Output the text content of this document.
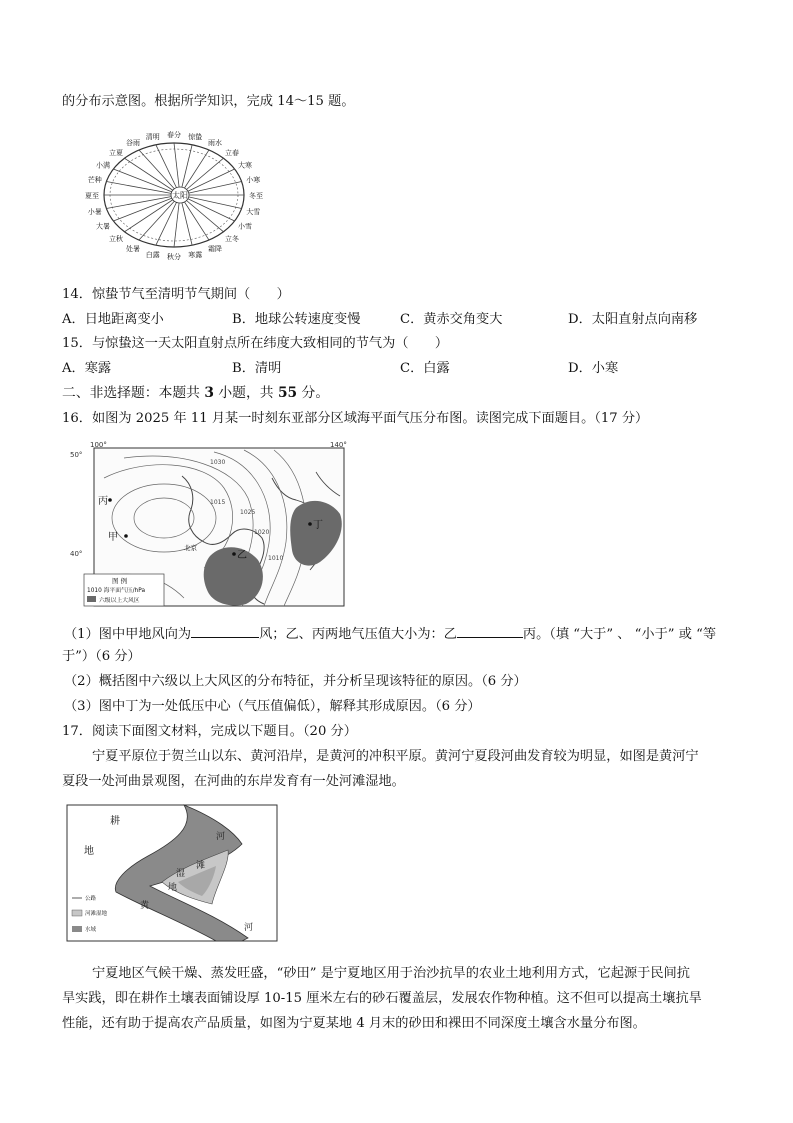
的分布示意图。根据所学知识，完成 14～15 题。
太阳
春分 惊蛰
雨水
立春
大寒
小寒
冬至
大雪
小雪
立冬
霜降
寒露
秋分
白露
处暑
立秋
大暑
小暑
夏至
芒种
小满
立夏
谷雨
清明
14．惊蛰节气至清明节气期间（　　）
A．日地距离变小	B．地球公转速度变慢	C．黄赤交角变大	D．太阳直射点向南移
15．与惊蛰这一天太阳直射点所在纬度大致相同的节气为（　　）
A．寒露	B．清明	C．白露	D．小寒
二、非选择题：本题共 3 小题，共 55 分。
16．如图为 2025 年 11 月某一时刻东亚部分区域海平面气压分布图。读图完成下面题目。（17 分）
100°	140°
50°
40°
1030
1025
1020
1015
1010
丙
甲
乙
丁
北京
图 例
1010 海平面气压/hPa
六级以上大风区
（1）图中甲地风向为	风；乙、丙两地气压值大小为：乙	丙。（填 “大于” 、 “小于” 或 “等
于”）（6 分）
（2）概括图中六级以上大风区的分布特征，并分析呈现该特征的原因。（6 分）
（3）图中丁为一处低压中心（气压值偏低），解释其形成原因。（6 分）
17．阅读下面图文材料，完成以下题目。（20 分）
宁夏平原位于贺兰山以东、黄河沿岸，是黄河的冲积平原。黄河宁夏段河曲发育较为明显，如图是黄河宁
夏段一处河曲景观图，在河曲的东岸发育有一处河滩湿地。
耕
地
河
滩
湿
地
黄
河
公路
河滩湿地
水域
宁夏地区气候干燥、蒸发旺盛，“砂田” 是宁夏地区用于治沙抗旱的农业土地利用方式，它起源于民间抗
旱实践，即在耕作土壤表面铺设厚 10-15 厘米左右的砂石覆盖层，发展农作物种植。这不但可以提高土壤抗旱
性能，还有助于提高农产品质量，如图为宁夏某地 4 月末的砂田和裸田不同深度土壤含水量分布图。
